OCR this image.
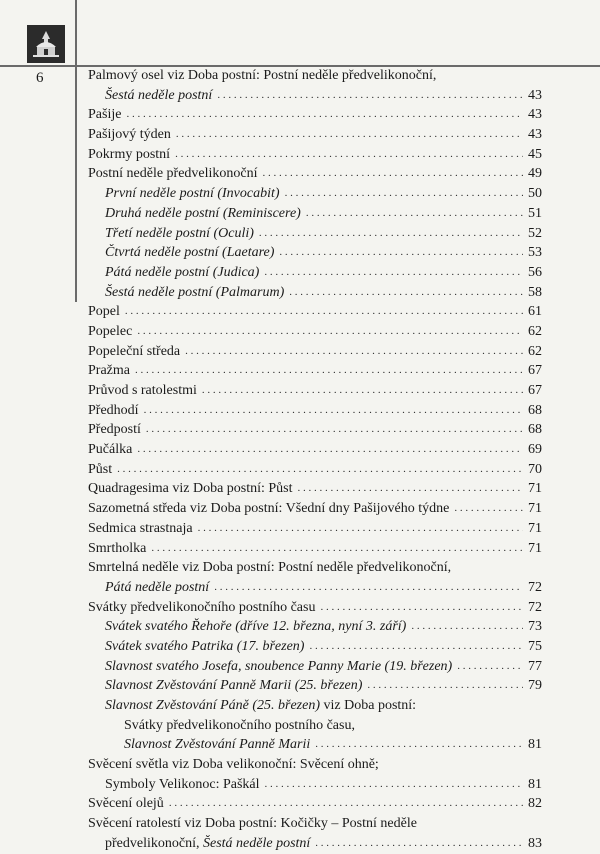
6	Palmový osel viz Doba postní: Postní neděle předvelikonoční,
Šestá neděle postní . . .	43
Pašije . . .	43
Pašijový týden . . .	43
Pokrmy postní . . .	45
Postní neděle předvelikonoční . . .	49
První neděle postní (Invocabit) . . .	50
Druhá neděle postní (Reminiscere) . . .	51
Třetí neděle postní (Oculi) . . .	52
Čtvrtá neděle postní (Laetare) . . .	53
Pátá neděle postní (Judica) . . .	56
Šestá neděle postní (Palmarum) . . .	58
Popel . . .	61
Popelec . . .	62
Popeleční středa . . .	62
Pražma . . .	67
Průvod s ratolestmi . . .	67
Předhodí . . .	68
Předpostí . . .	68
Pučálka . . .	69
Půst . . .	70
Quadragesima viz Doba postní: Půst . . .	71
Sazometná středa viz Doba postní: Všední dny Pašijového týdne . . .	71
Sedmica strastnaja . . .	71
Smrtholka . . .	71
Smrtelná neděle viz Doba postní: Postní neděle předvelikonoční,
Pátá neděle postní . . .	72
Svátky předvelikonočního postního času . . .	72
Svátek svatého Řehoře (dříve 12. března, nyní 3. září) . . .	73
Svátek svatého Patrika (17. březen) . . .	75
Slavnost svatého Josefa, snoubence Panny Marie (19. březen) . . .	77
Slavnost Zvěstování Panně Marii (25. březen) . . .	79
Slavnost Zvěstování Páně (25. březen) viz Doba postní:
Svátky předvelikonočního postního času,
Slavnost Zvěstování Panně Marii . . .	81
Svěcení světla viz Doba velikonoční: Svěcení ohně;
Symboly Velikonoc: Paškál . . .	81
Svěcení olejů . . .	82
Svěcení ratolestí viz Doba postní: Kočičky – Postní neděle
předvelikonoční, Šestá neděle postní . . .	83
